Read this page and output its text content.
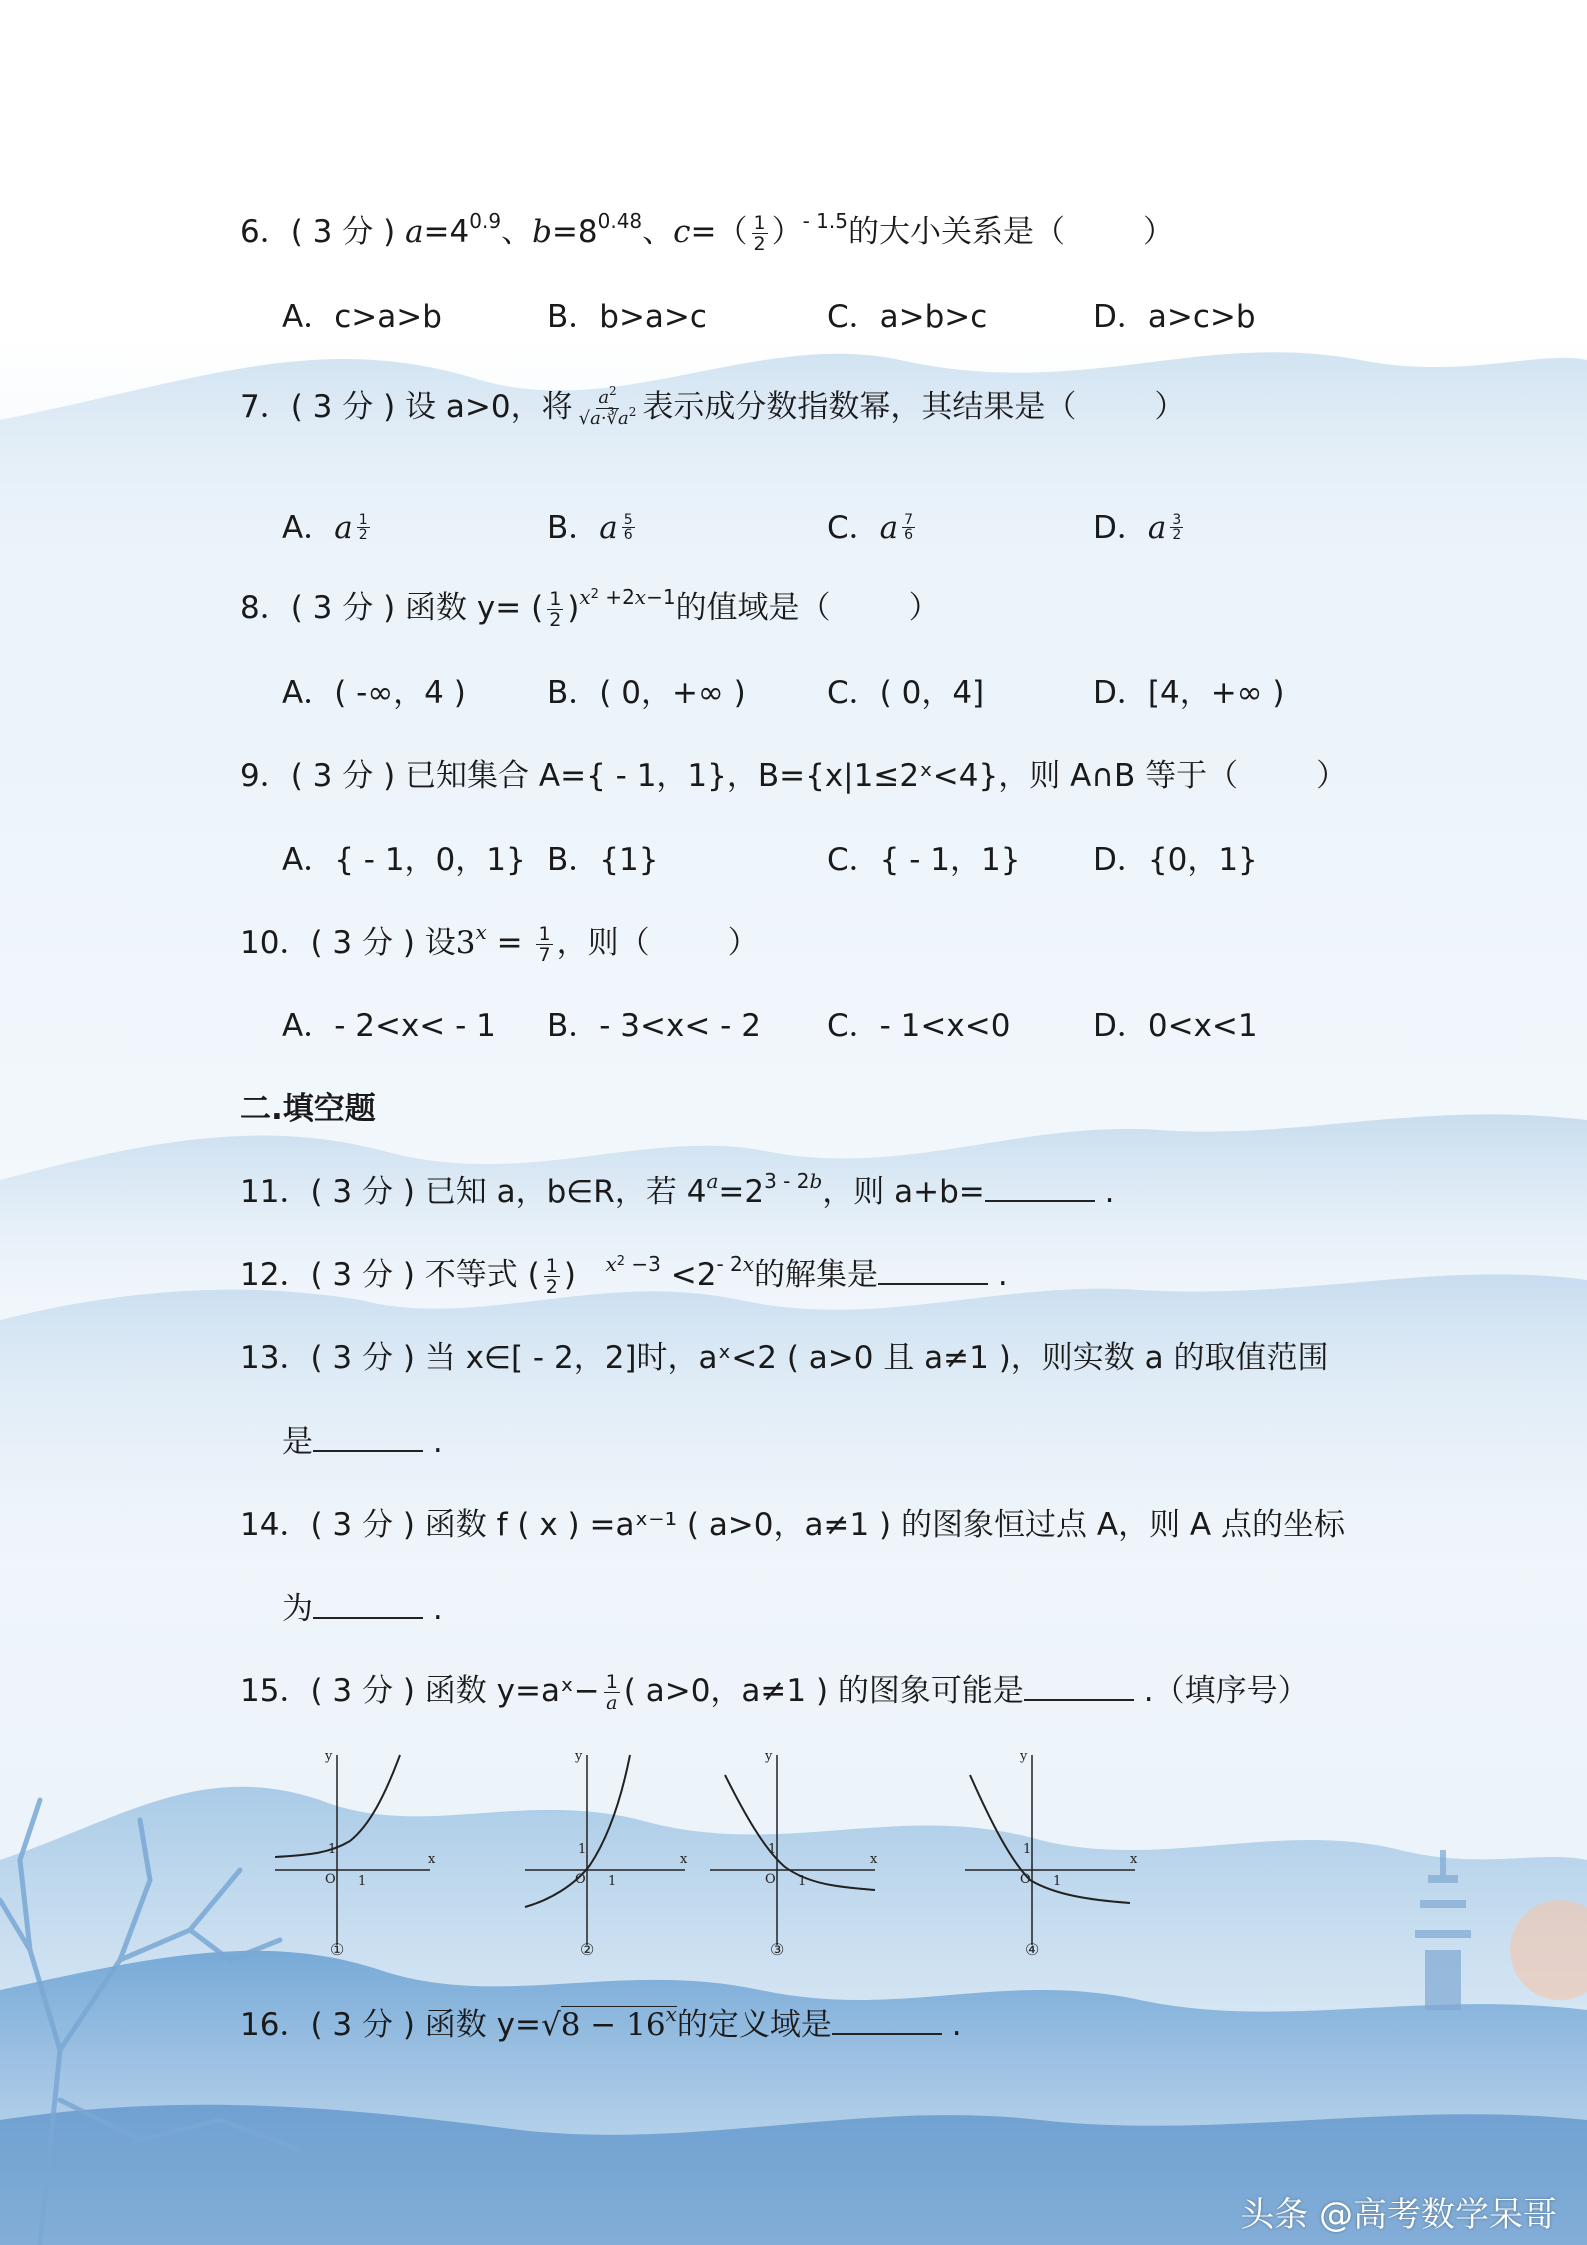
6．( 3 分 ) $a=4^{0.9}$、$b=8^{0.48}$、$c=( \frac{1}{2} )^{- 1.5}$的大小关系是（	）
A．c>a>b	B．b>a>c	C．a>b>c	D．a>c>b
7．( 3 分 ) 设 a>0，将 $\frac{a^2}{√a\cdot∛a^2}$ 表示成分数指数幂，其结果是（	）
A．a $\frac{1}{2}$	B．a $\frac{5}{6}$	C．a $\frac{7}{6}$	D．a $\frac{3}{2}$
8．( 3 分 ) 函数 y= ( $\frac{1}{2} )^{x^2 +2x-1}$的值域是（	）
A．( -∞，4 )	B．( 0，+∞ )	C．( 0，4]	D．[4，+∞ )
9．( 3 分 ) 已知集合 A={ - 1，1}，B={x|1≤2ˣ<4}，则 A∩B 等于（	）
A．{ - 1，0，1} B．{1}	C．{ - 1，1} D．{0，1}
10．( 3 分 ) 设$3^x = \frac{1}{7}$ ，则（	）
A．- 2<x< - 1 B．- 3<x< - 2 C．- 1<x<0	D．0<x<1
二.填空题
11．( 3 分 ) 已知 a，b∈R，若 $4^a=2^{3 - 2b}$，则 a+b=	.
12．( 3 分 ) 不等式 ( $\frac{1}{2}$ )   $^{x^2 -3} <2^{- 2x}$的解集是	.
13．( 3 分 ) 当 x∈[ - 2，2]时，aˣ<2 ( a>0 且 a≠1 )，则实数 a 的取值范围
是	.
14．( 3 分 ) 函数 f ( x ) =aˣ⁻¹ ( a>0，a≠1 ) 的图象恒过点 A，则 A 点的坐标
为	.
15．( 3 分 ) 函数 y=aˣ− $\frac{1}{a}$ ( a>0，a≠1 ) 的图象可能是	.（填序号）
x
y
O
1
1
①
x
y
O
1
1
②
x
y
O
1
1
③
x
y
O
1
1
④
16．( 3 分 ) 函数 $y=√8 - 16^x$的定义域是	.
头条 @高考数学呆哥
